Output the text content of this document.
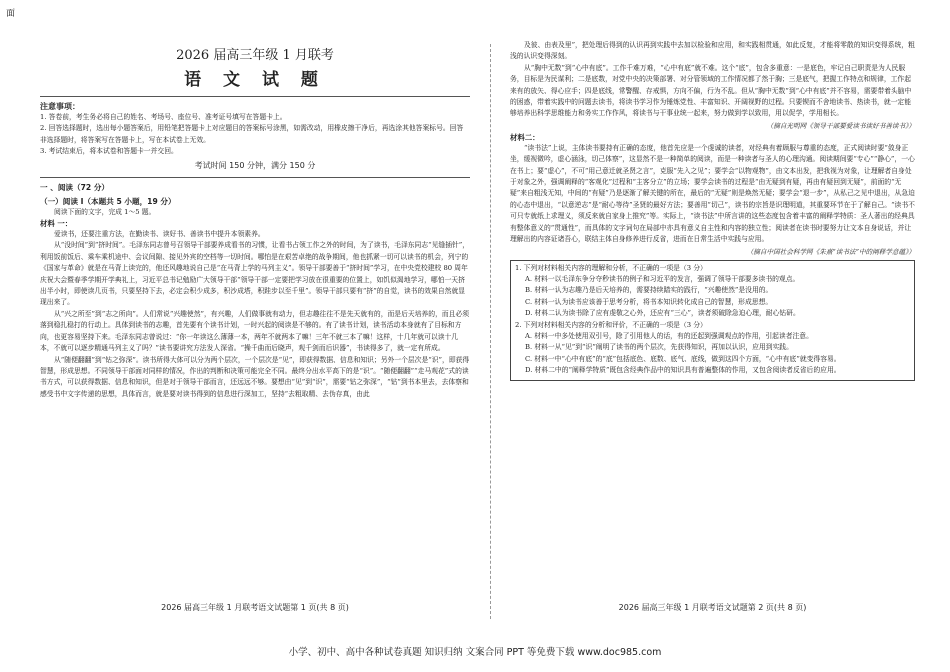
面
2026 届高三年级 1 月联考
语 文 试 题
注意事项：

1. 答卷前，考生务必将自己的姓名、考场号、座位号、准考证号填写在答题卡上。

2. 回答选择题时，选出每小题答案后，用铅笔把答题卡上对应题目的答案标号涂黑，如需改动，用橡皮擦干净后，再选涂其他答案标号。回答非选择题时，将答案写在答题卡上，写在本试卷上无效。

3. 考试结束后，将本试卷和答题卡一并交回。

考试时间 150 分钟，满分 150 分
一 、阅读（72 分）
（一）阅读 I（本题共 5 小题，19 分）

阅读下面的文字，完成 1～5 题。

材料 一：

爱读书，还要注重方法，在勤读书、读好书、善读书中提升本领素养。

从“没时间”到“挤时间”。毛泽东同志曾号召领导干部要养成看书的习惯，让看书占领工作之外的时间，为了读书，毛泽东同志“见缝插针”，利用饭前饭后、乘车乘机途中、会议间隙、接见外宾的空档等一切时间。哪怕是在艰苦卓绝的战争期间，他也抓紧一切可以读书的机会，列宁的《国家与革命》就是在马背上读完的，他还风趣地说自己是“在马背上学的马列主义”。领导干部要善于“挤时间”学习，在中央党校建校 80 周年庆祝大会暨春季学期开学典礼上，习近平总书记勉励广大领导干部“领导干部一定要把学习放在很重要的位置上，如饥似渴地学习，哪怕一天挤出半小时，即使读几页书，只要坚持下去，必定会积少成多，积沙成塔，积跬步以至千里”。领导干部只要有“挤”的自觉，读书的效果自然就显现出来了。

从“兴之所至”到“志之所向”。人们常说“兴趣使然”，有兴趣，人们做事就有动力，但志趣往往不是先天就有的，而是后天培养的，而且必须落到稳扎稳打的行动上。具体到读书的志趣，首先要有个读书计划，一时兴起的阅读是不够的。有了读书计划，读书活动本身就有了目标和方向，也更容易坚持下来。毛泽东同志曾说过：“你一年读这么薄薄一本，两年不就两本了嘛！三年不就三本了嘛！这样，十几年就可以读十几本，不就可以逐步精通马列主义了吗？”读书要讲究方法发人深省。“操千曲而后晓声，观千剑而后识器”，书读得多了，就一定有所成。

从“随便翻翻”到“钻之弥深”。读书所得大体可以分为两个层次，一个层次是“见”，即获得数据、信息和知识；另外一个层次是“识”，即获得智慧，形成思想。不同领导干部面对同样的情况，作出的判断和决策可能完全不同。最终分出水平高下的是“识”。“随便翻翻”“走马观花”式的读书方式，可以获得数据、信息和知识，但是对于领导干部而言，还远远不够。要想由“见”到“识”，需要“钻之弥深”，“钻”到书本里去，去体察和感受书中文字传递的思想，具体而言，就是要对读书得到的信息进行深加工，坚持“去粗取精、去伪存真，由此

及彼、由表及里”，把处理后得到的认识再到实践中去加以检验和应用，和实践相贯通，如此反复，才能将零散的知识变得系统，粗浅的认识变得深刻。

从“胸中无数”到“心中有底”。工作千难万难，“心中有底”就不难。这个“底”，包含多重意：一是底色，牢记自己职责是为人民服务，目标是为民谋利；二是底数，对党中央的决策部署、对分管领域的工作情况都了然于胸；三是底气，把握工作特点和规律，工作起来有的放矢、得心应手；四是底线，常警醒、存戒惧，方向不偏，行为不乱。但从“胸中无数”到“心中有底”并不容易，需要带着头脑中的困惑，带着实践中的问题去读书，将读书学习作为锤炼党性、丰富知识、开阔视野的过程。只要锲而不舍地读书、热读书，就一定能够培养出科学思维能力和务实工作作风，将读书与干事业统一起来，努力做到学以致用，用以促学，学用相长。

（摘自光明网《领导干部要爱读书读好书善读书》）
材料二：

“读书法”上说，主体读书要持有正确的态度，他首先应是一个虔诚的读者，对经典有着顾服与尊重的态度，正式阅读时要“敛身正坐，缓视微吟，虚心涵泳，切己体察”，这显然不是一种简单的阅读，而是一种读者与圣人的心理沟通。阅读期间要“专心”“静心”，一心在书上；要“虚心”，不可“用己意迁就圣贤之言”，克服“先入之见”；要学会“以物观物”，由文本出发，把我视为对象，让理解者自身处于对象之外，强调阐释的“客观化”过程和“主客分立”的立场；要学会读书的过程是“由无疑到有疑，再由有疑回到无疑”，前面的“无疑”来自粗浅无知，中间的“有疑”乃是逐渐了解关键的所在，最后的“无疑”则是焕然无疑；要学会“退一步”，从私己之见中退出，从急迫的心态中退出，“以意逆志”是“耐心等待”圣贤的最好方法；要善用“切己”，读书的宗旨是识理明道，其重要环节在于了解自己。“读书不可只专就纸上求理义，须反来就自家身上推究”等。实际上，“读书法”中所言讲的这些态度包含着丰富的阐释学特质：圣人著出的经典具有整体意义的“贯通性”，而具体的文字词句在局部中亦具有意义自主性和内容的独立性；阅读者在读书时要努力让文本自身说话，并让理解出的内容证诸吾心，联结主体自身修养进行反省，进而在日常生活中实践与应用。

（摘自中国社会科学网《朱熹“读书法”中的阐释学意蕴》）

1. 下列对材料相关内容的理解和分析，不正确的一项是（3 分）

A. 材料一以毛泽东争分夺秒读书的例子和习近平的发言，强调了领导干部要多读书的观点。

B. 材料一认为志趣乃是后天培养的，需要持续踏实的践行，“兴趣使然”是没用的。

C. 材料一认为读书应该善于思考分析，将书本知识转化成自己的智慧，形成思想。

D. 材料二认为读书除了应有虔敬之心外，还应有“三心”，读者须破除急迫心理，耐心钻研。

2. 下列对材料相关内容的分析和评价，不正确的一项是（3 分）

A. 材料一中多处使用双引号，除了引用他人的话，有的还起到强调观点的作用，引起读者注意。

B. 材料一从“见”到“识”阐明了读书的两个层次，先获得知识，再加以认识，应用到实践。

C. 材料一中“心中有底”的“底”包括底色、底数、底气、底线，做到这四个方面，“心中有底”就变得容易。

D. 材料二中的“阐释学特质”既包含经典作品中的知识具有普遍整体的作用，又包含阅读者反省后的应用。

2026 届高三年级 1 月联考语文试题第 1 页(共 8 页)	2026 届高三年级 1 月联考语文试题第 2 页(共 8 页)
小学、初中、高中各种试卷真题 知识归纳 文案合同 PPT 等免费下载 www.doc985.com
